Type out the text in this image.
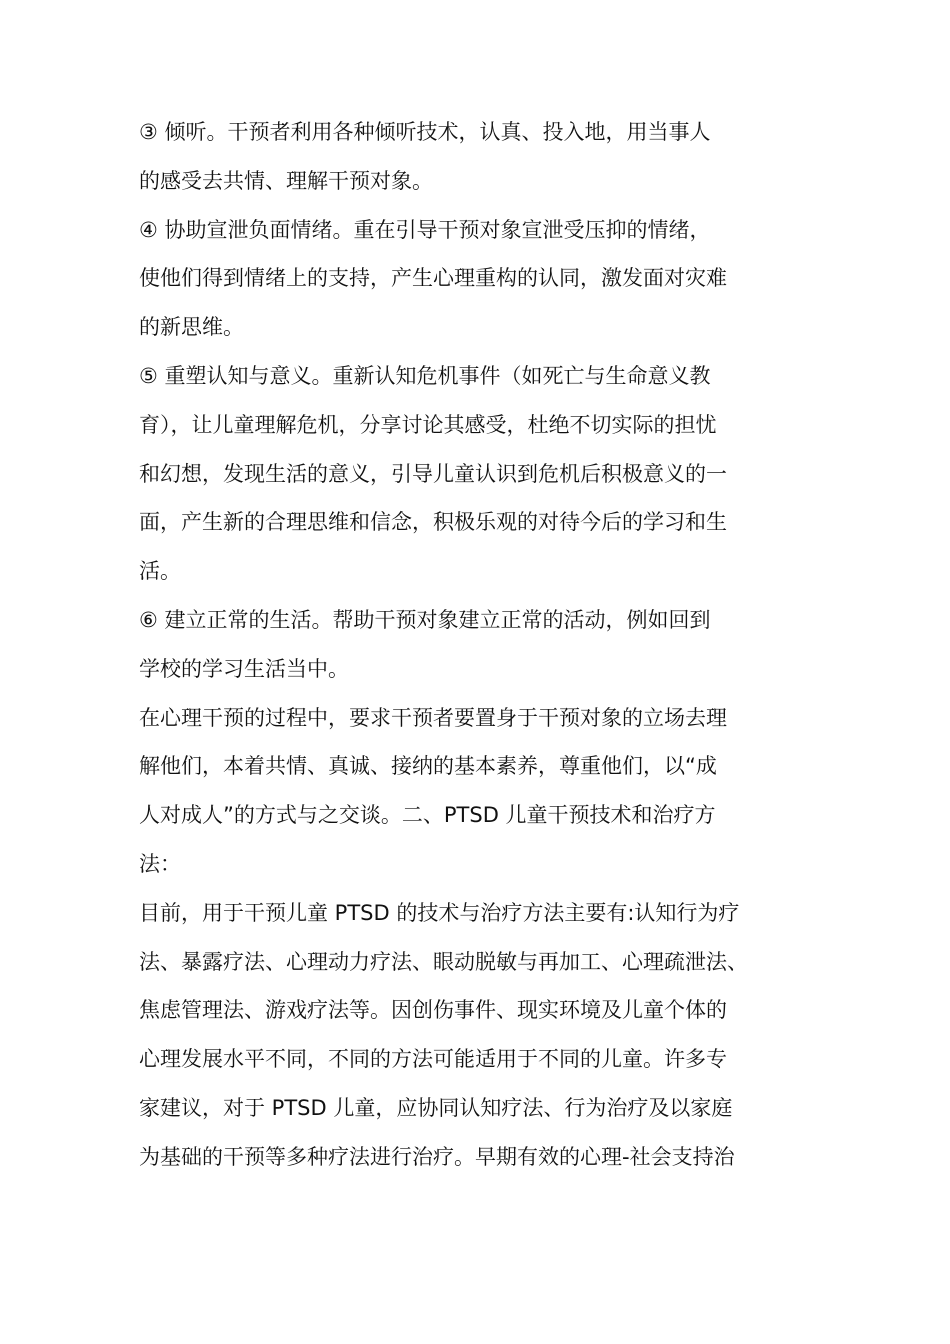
③ 倾听。干预者利用各种倾听技术，认真、投入地，用当事人
的感受去共情、理解干预对象。
④ 协助宣泄负面情绪。重在引导干预对象宣泄受压抑的情绪，
使他们得到情绪上的支持，产生心理重构的认同，激发面对灾难
的新思维。
⑤ 重塑认知与意义。重新认知危机事件（如死亡与生命意义教
育），让儿童理解危机，分享讨论其感受，杜绝不切实际的担忧
和幻想，发现生活的意义，引导儿童认识到危机后积极意义的一
面，产生新的合理思维和信念，积极乐观的对待今后的学习和生
活。
⑥ 建立正常的生活。帮助干预对象建立正常的活动，例如回到
学校的学习生活当中。
在心理干预的过程中，要求干预者要置身于干预对象的立场去理
解他们，本着共情、真诚、接纳的基本素养，尊重他们，以“成
人对成人”的方式与之交谈。二、PTSD 儿童干预技术和治疗方
法：
目前，用于干预儿童 PTSD 的技术与治疗方法主要有:认知行为疗
法、暴露疗法、心理动力疗法、眼动脱敏与再加工、心理疏泄法、
焦虑管理法、游戏疗法等。因创伤事件、现实环境及儿童个体的
心理发展水平不同，不同的方法可能适用于不同的儿童。许多专
家建议，对于 PTSD 儿童，应协同认知疗法、行为治疗及以家庭
为基础的干预等多种疗法进行治疗。早期有效的心理-社会支持治
